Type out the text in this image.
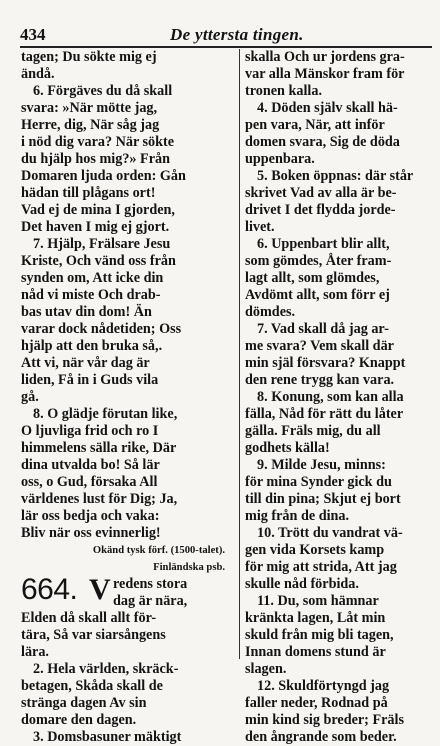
434	De yttersta tingen.
tagen; Du sökte mig ej
ändå.
6. Förgäves du då skall
svara: »När mötte jag,
Herre, dig, När såg jag
i nöd dig vara? När sökte
du hjälp hos mig?» Från
Domaren ljuda orden: Gån
hädan till plågans ort!
Vad ej de mina I gjorden,
Det haven I mig ej gjort.
7. Hjälp, Frälsare Jesu
Kriste, Och vänd oss från
synden om, Att icke din
nåd vi miste Och drab-
bas utav din dom! Än
varar dock nådetiden; Oss
hjälp att den bruka så,.
Att vi, när vår dag är
liden, Få in i Guds vila
gå.
8. O glädje förutan like,
O ljuvliga frid och ro I
himmelens sälla rike, Där
dina utvalda bo! Så lär
oss, o Gud, försaka All
världenes lust för Dig; Ja,
lär oss bedja och vaka:
Bliv när oss evinnerlig!
Okänd tysk förf. (1500-talet).
Finländska psb.
664. V redens stora
dag är nära,
Elden då skall allt för-
tära, Så var siarsångens
lära.
2. Hela världen, skräck-
betagen, Skåda skall de
stränga dagen Av sin
domare den dagen.
3. Domsbasuner mäktigt
skalla Och ur jordens gra-
var alla Mänskor fram för
tronen kalla.
4. Döden själv skall hä-
pen vara, När, att inför
domen svara, Sig de döda
uppenbara.
5. Boken öppnas: där står
skrivet Vad av alla är be-
drivet I det flydda jorde-
livet.
6. Uppenbart blir allt,
som gömdes, Åter fram-
lagt allt, som glömdes,
Avdömt allt, som förr ej
dömdes.
7. Vad skall då jag ar-
me svara? Vem skall där
min själ försvara? Knappt
den rene trygg kan vara.
8. Konung, som kan alla
fälla, Nåd för rätt du låter
gälla. Fräls mig, du all
godhets källa!
9. Milde Jesu, minns:
för mina Synder gick du
till din pina; Skjut ej bort
mig från de dina.
10. Trött du vandrat vä-
gen vida Korsets kamp
för mig att strida, Att jag
skulle nåd förbida.
11. Du, som hämnar
kränkta lagen, Låt min
skuld från mig bli tagen,
Innan domens stund är
slagen.
12. Skuldförtyngd jag
faller neder, Rodnad på
min kind sig breder; Fräls
den ångrande som beder.
